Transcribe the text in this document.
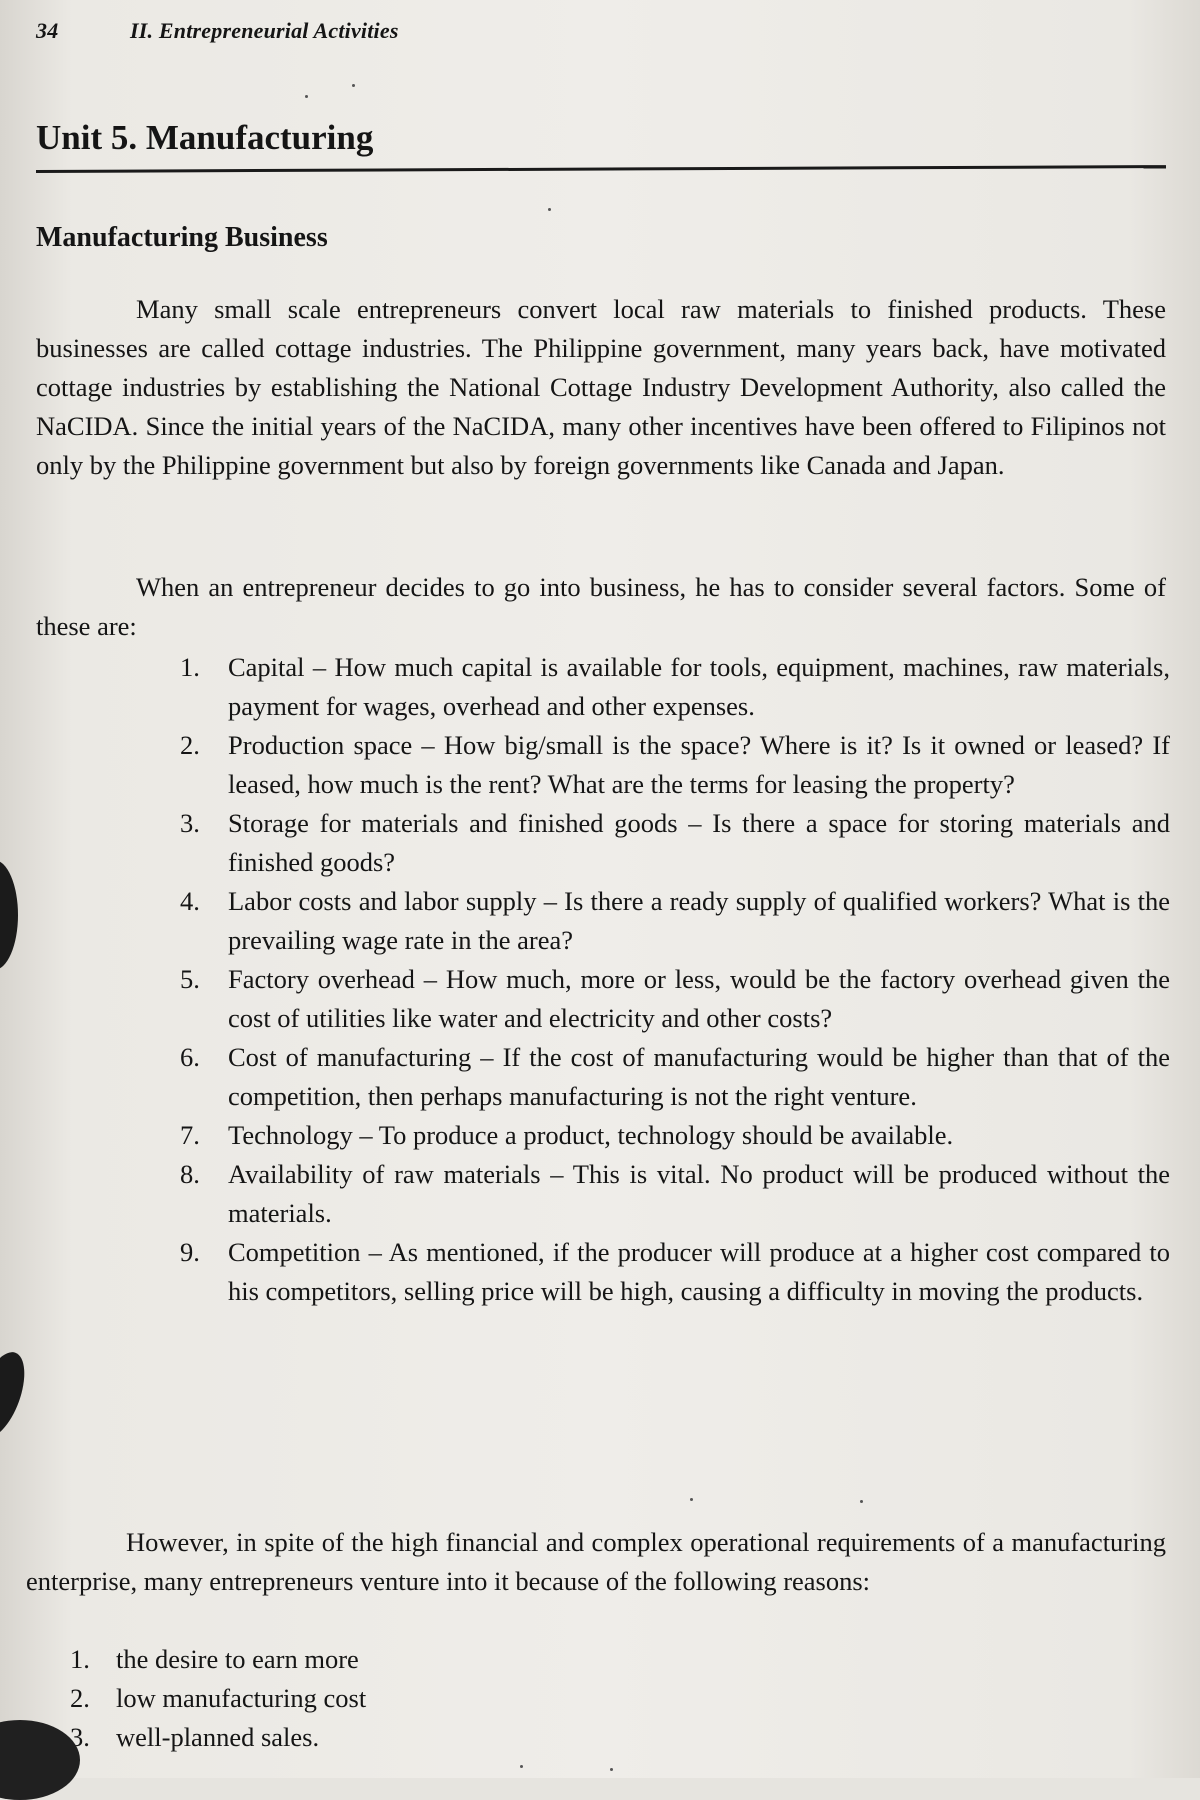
34	II. Entrepreneurial Activities
Unit 5. Manufacturing
Manufacturing Business

Many small scale entrepreneurs convert local raw materials to finished products. These businesses are called cottage industries. The Philippine government, many years back, have motivated cottage industries by establishing the National Cottage Industry Development Authority, also called the NaCIDA. Since the initial years of the NaCIDA, many other incentives have been offered to Filipinos not only by the Philippine government but also by foreign governments like Canada and Japan.

When an entrepreneur decides to go into business, he has to consider several factors. Some of these are:

1.	Capital – How much capital is available for tools, equipment, machines, raw materials, payment for wages, overhead and other expenses.
2.	Production space – How big/small is the space? Where is it? Is it owned or leased? If leased, how much is the rent? What are the terms for leasing the property?
3.	Storage for materials and finished goods – Is there a space for storing materials and finished goods?
4.	Labor costs and labor supply – Is there a ready supply of qualified workers? What is the prevailing wage rate in the area?
5.	Factory overhead – How much, more or less, would be the factory overhead given the cost of utilities like water and electricity and other costs?
6.	Cost of manufacturing – If the cost of manufacturing would be higher than that of the competition, then perhaps manufacturing is not the right venture.
7.	Technology – To produce a product, technology should be available.
8.	Availability of raw materials – This is vital. No product will be produced without the materials.
9.	Competition – As mentioned, if the producer will produce at a higher cost compared to his competitors, selling price will be high, causing a difficulty in moving the products.

However, in spite of the high financial and complex operational requirements of a manufacturing enterprise, many entrepreneurs venture into it because of the following reasons:

1. the desire to earn more
2. low manufacturing cost
3. well-planned sales.
